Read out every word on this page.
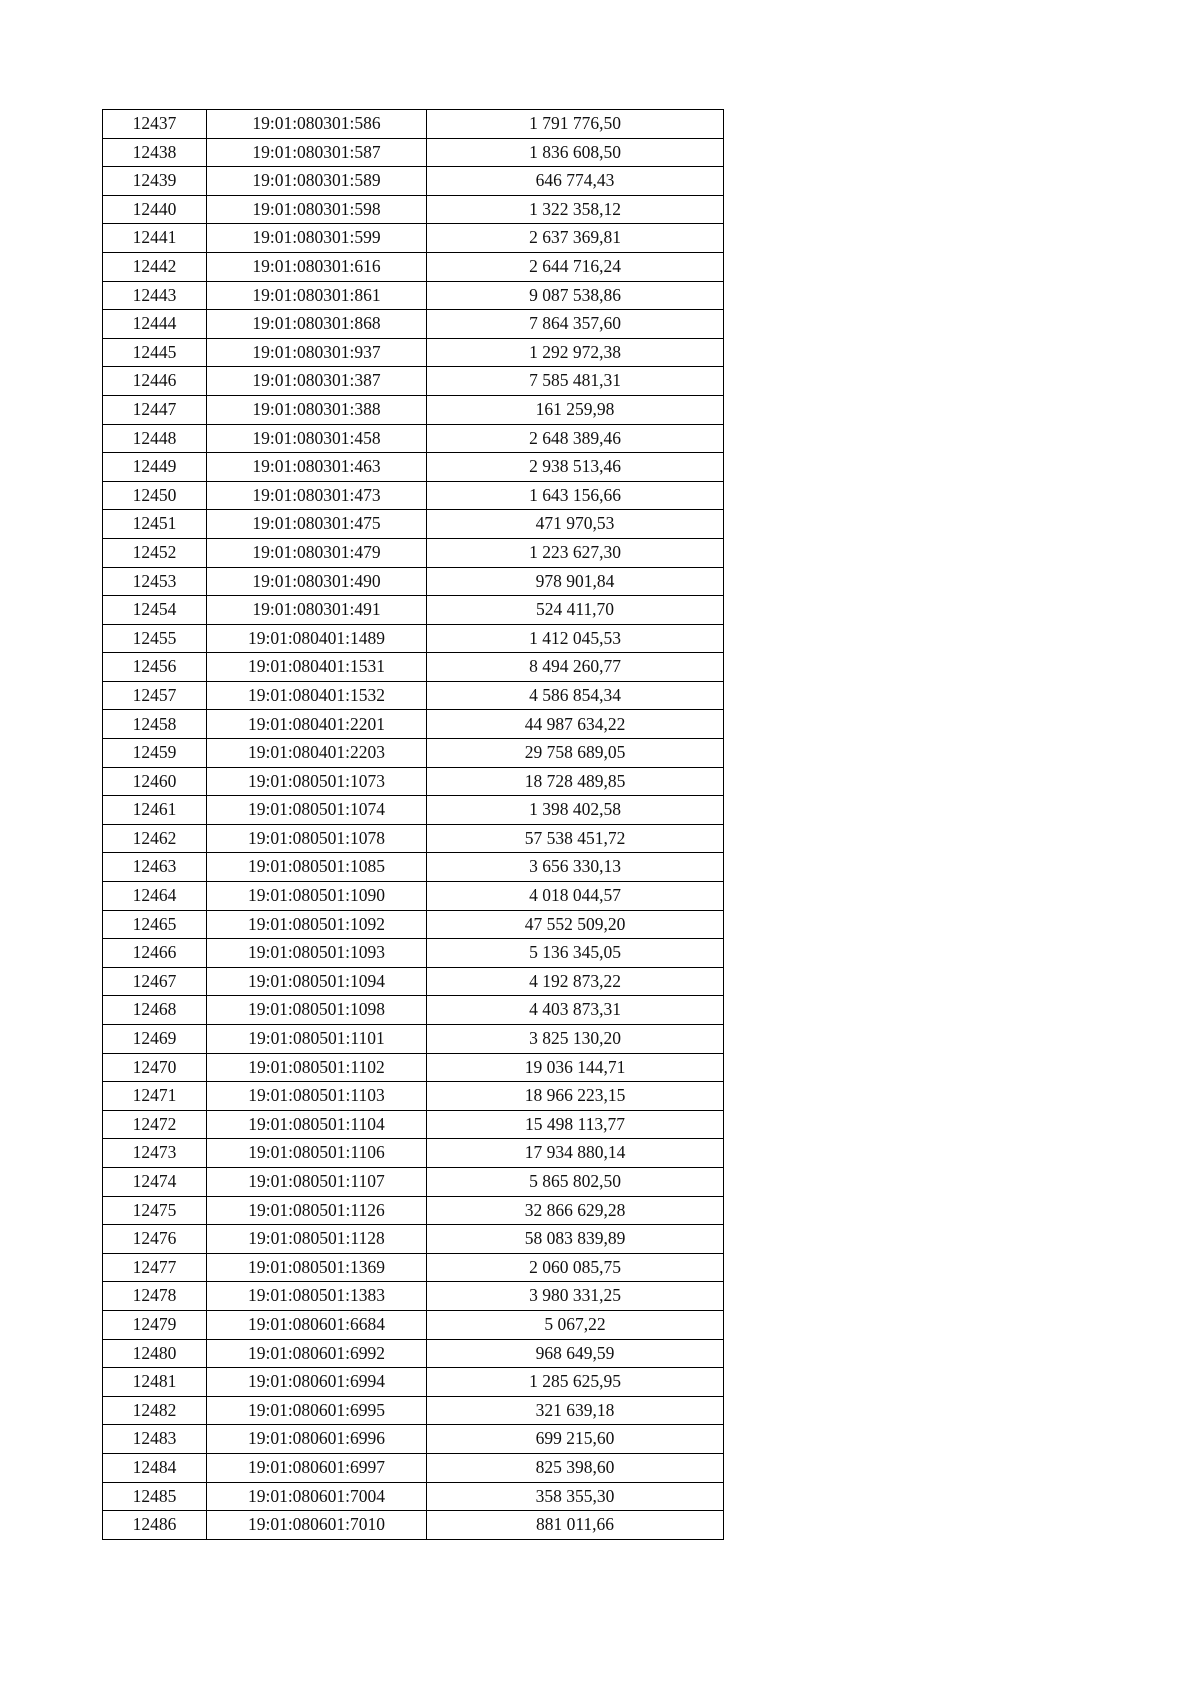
12437	19:01:080301:586	1 791 776,50
12438	19:01:080301:587	1 836 608,50
12439	19:01:080301:589	646 774,43
12440	19:01:080301:598	1 322 358,12
12441	19:01:080301:599	2 637 369,81
12442	19:01:080301:616	2 644 716,24
12443	19:01:080301:861	9 087 538,86
12444	19:01:080301:868	7 864 357,60
12445	19:01:080301:937	1 292 972,38
12446	19:01:080301:387	7 585 481,31
12447	19:01:080301:388	161 259,98
12448	19:01:080301:458	2 648 389,46
12449	19:01:080301:463	2 938 513,46
12450	19:01:080301:473	1 643 156,66
12451	19:01:080301:475	471 970,53
12452	19:01:080301:479	1 223 627,30
12453	19:01:080301:490	978 901,84
12454	19:01:080301:491	524 411,70
12455	19:01:080401:1489	1 412 045,53
12456	19:01:080401:1531	8 494 260,77
12457	19:01:080401:1532	4 586 854,34
12458	19:01:080401:2201	44 987 634,22
12459	19:01:080401:2203	29 758 689,05
12460	19:01:080501:1073	18 728 489,85
12461	19:01:080501:1074	1 398 402,58
12462	19:01:080501:1078	57 538 451,72
12463	19:01:080501:1085	3 656 330,13
12464	19:01:080501:1090	4 018 044,57
12465	19:01:080501:1092	47 552 509,20
12466	19:01:080501:1093	5 136 345,05
12467	19:01:080501:1094	4 192 873,22
12468	19:01:080501:1098	4 403 873,31
12469	19:01:080501:1101	3 825 130,20
12470	19:01:080501:1102	19 036 144,71
12471	19:01:080501:1103	18 966 223,15
12472	19:01:080501:1104	15 498 113,77
12473	19:01:080501:1106	17 934 880,14
12474	19:01:080501:1107	5 865 802,50
12475	19:01:080501:1126	32 866 629,28
12476	19:01:080501:1128	58 083 839,89
12477	19:01:080501:1369	2 060 085,75
12478	19:01:080501:1383	3 980 331,25
12479	19:01:080601:6684	5 067,22
12480	19:01:080601:6992	968 649,59
12481	19:01:080601:6994	1 285 625,95
12482	19:01:080601:6995	321 639,18
12483	19:01:080601:6996	699 215,60
12484	19:01:080601:6997	825 398,60
12485	19:01:080601:7004	358 355,30
12486	19:01:080601:7010	881 011,66
